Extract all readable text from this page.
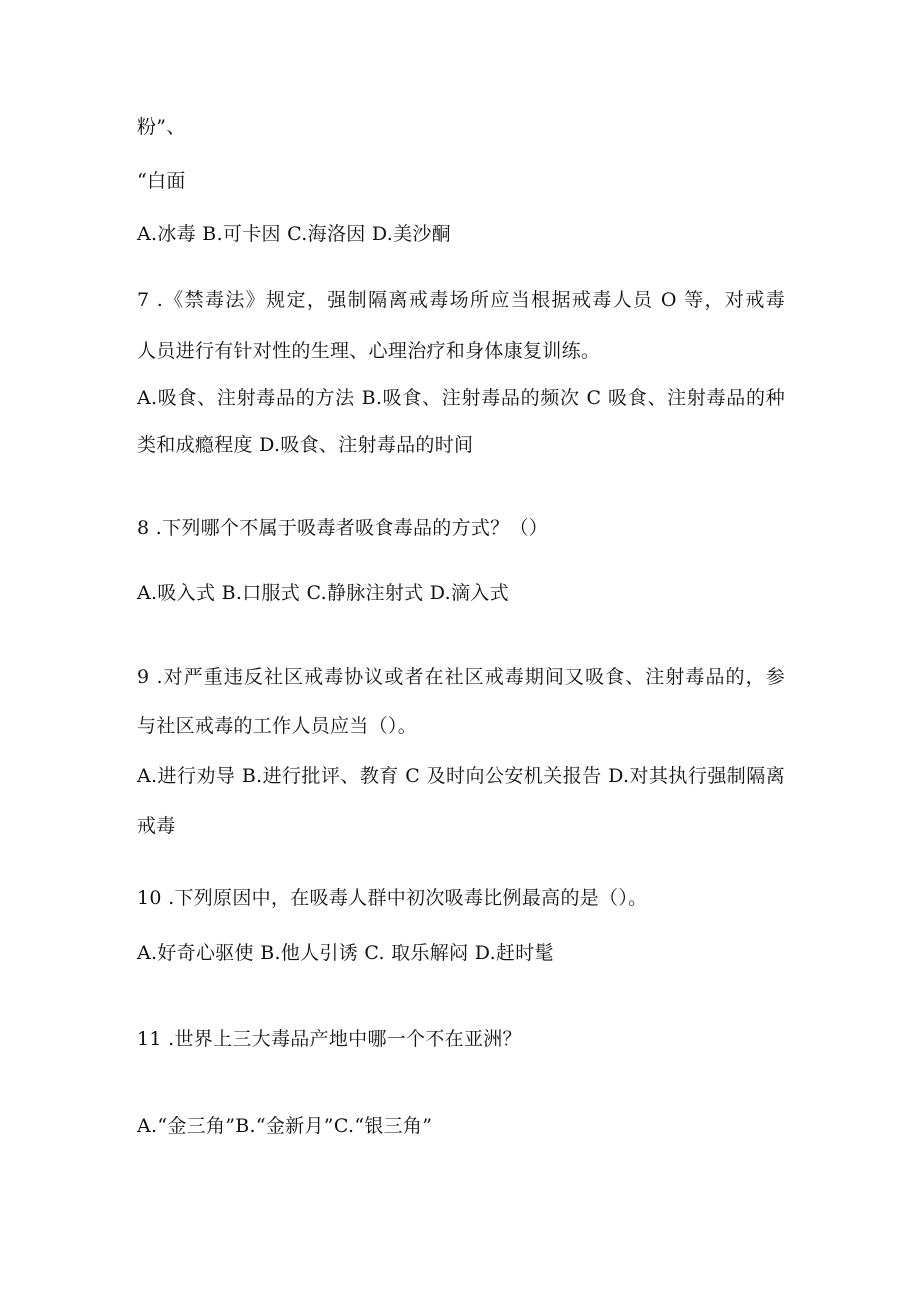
粉”、
“白面
A.冰毒 B.可卡因 C.海洛因 D.美沙酮
7 .《禁毒法》规定，强制隔离戒毒场所应当根据戒毒人员 O 等，对戒毒
人员进行有针对性的生理、心理治疗和身体康复训练。
A.吸食、注射毒品的方法 B.吸食、注射毒品的频次 C 吸食、注射毒品的种
类和成瘾程度 D.吸食、注射毒品的时间
8 .下列哪个不属于吸毒者吸食毒品的方式？（）
A.吸入式 B.口服式 C.静脉注射式 D.滴入式
9 .对严重违反社区戒毒协议或者在社区戒毒期间又吸食、注射毒品的，参
与社区戒毒的工作人员应当（）。
A.进行劝导 B.进行批评、教育 C 及时向公安机关报告 D.对其执行强制隔离
戒毒
10 .下列原因中，在吸毒人群中初次吸毒比例最高的是（）。
A.好奇心驱使 B.他人引诱 C. 取乐解闷 D.赶时髦
11 .世界上三大毒品产地中哪一个不在亚洲？
A.“金三角”B.“金新月”C.“银三角”
